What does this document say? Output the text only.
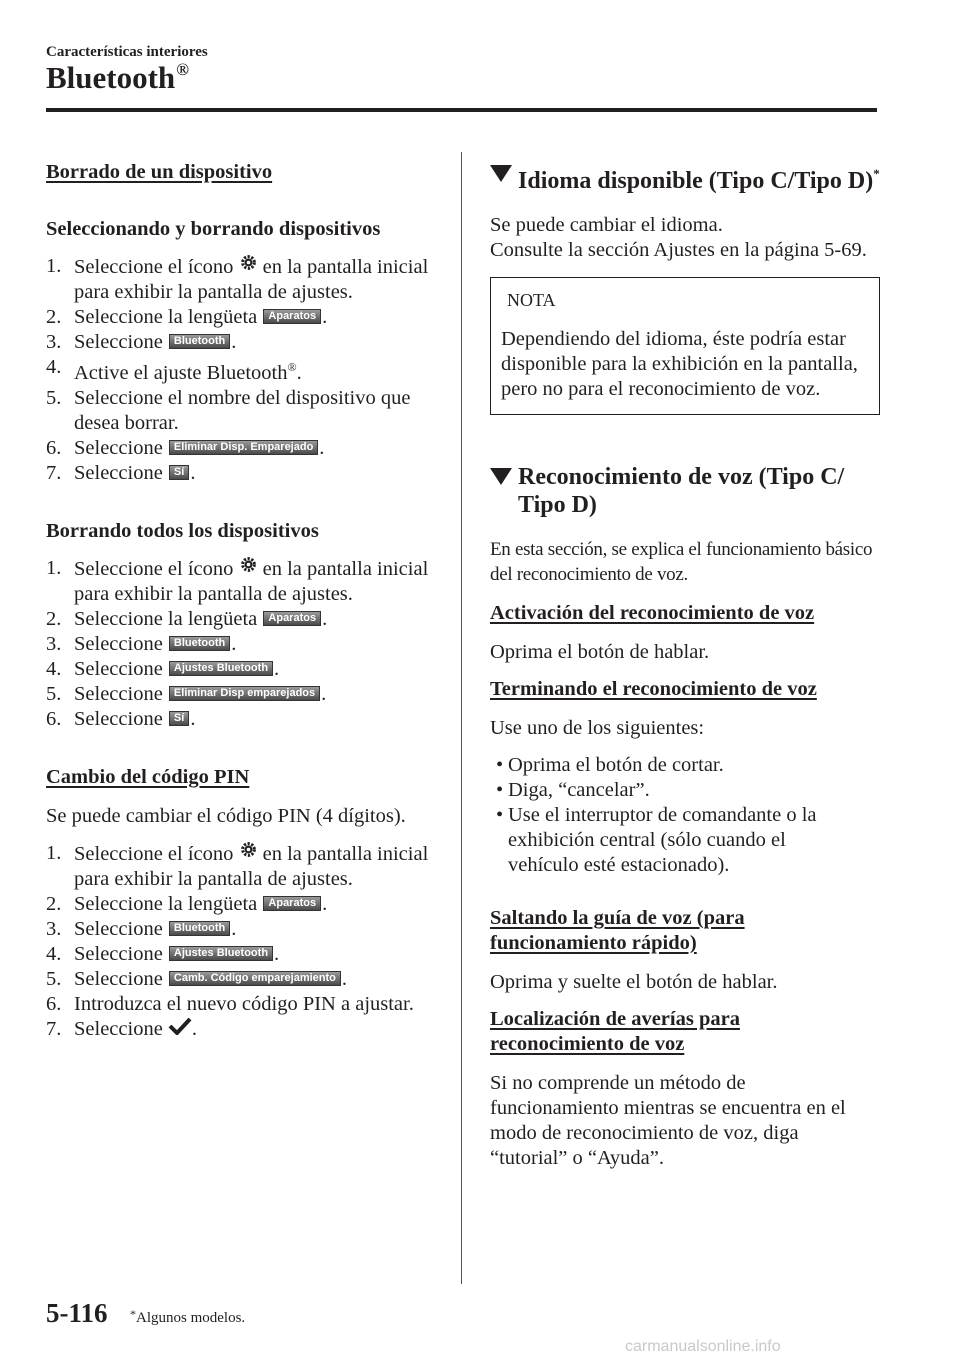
Características interiores
Bluetooth®
Borrado de un dispositivo
Seleccionando y borrando dispositivos
1. Seleccione el ícono en la pantalla inicial para exhibir la pantalla de ajustes.
2. Seleccione la lengüeta Aparatos .
3. Seleccione Bluetooth .
4. Active el ajuste Bluetooth®.
5. Seleccione el nombre del dispositivo que desea borrar.
6. Seleccione Eliminar Disp. Emparejado .
7. Seleccione Sí .
Borrando todos los dispositivos
1. Seleccione el ícono en la pantalla inicial para exhibir la pantalla de ajustes.
2. Seleccione la lengüeta Aparatos .
3. Seleccione Bluetooth .
4. Seleccione Ajustes Bluetooth .
5. Seleccione Eliminar Disp emparejados .
6. Seleccione Sí .
Cambio del código PIN
Se puede cambiar el código PIN (4 dígitos).
1. Seleccione el ícono en la pantalla inicial para exhibir la pantalla de ajustes.
2. Seleccione la lengüeta Aparatos .
3. Seleccione Bluetooth .
4. Seleccione Ajustes Bluetooth .
5. Seleccione Camb. Código emparejamiento .
6. Introduzca el nuevo código PIN a ajustar.
7. Seleccione .
Idioma disponible (Tipo C/Tipo D)*
Se puede cambiar el idioma.
Consulte la sección Ajustes en la página 5-69.
NOTA
Dependiendo del idioma, éste podría estar disponible para la exhibición en la pantalla, pero no para el reconocimiento de voz.
Reconocimiento de voz (Tipo C/ Tipo D)
En esta sección, se explica el funcionamiento básico del reconocimiento de voz.
Activación del reconocimiento de voz
Oprima el botón de hablar.
Terminando el reconocimiento de voz
Use uno de los siguientes:
• Oprima el botón de cortar.
• Diga, “cancelar”.
• Use el interruptor de comandante o la exhibición central (sólo cuando el vehículo esté estacionado).
Saltando la guía de voz (para funcionamiento rápido)
Oprima y suelte el botón de hablar.
Localización de averías para reconocimiento de voz
Si no comprende un método de funcionamiento mientras se encuentra en el modo de reconocimiento de voz, diga “tutorial” o “Ayuda”.
5-116 *Algunos modelos.
carmanualsonline.info
